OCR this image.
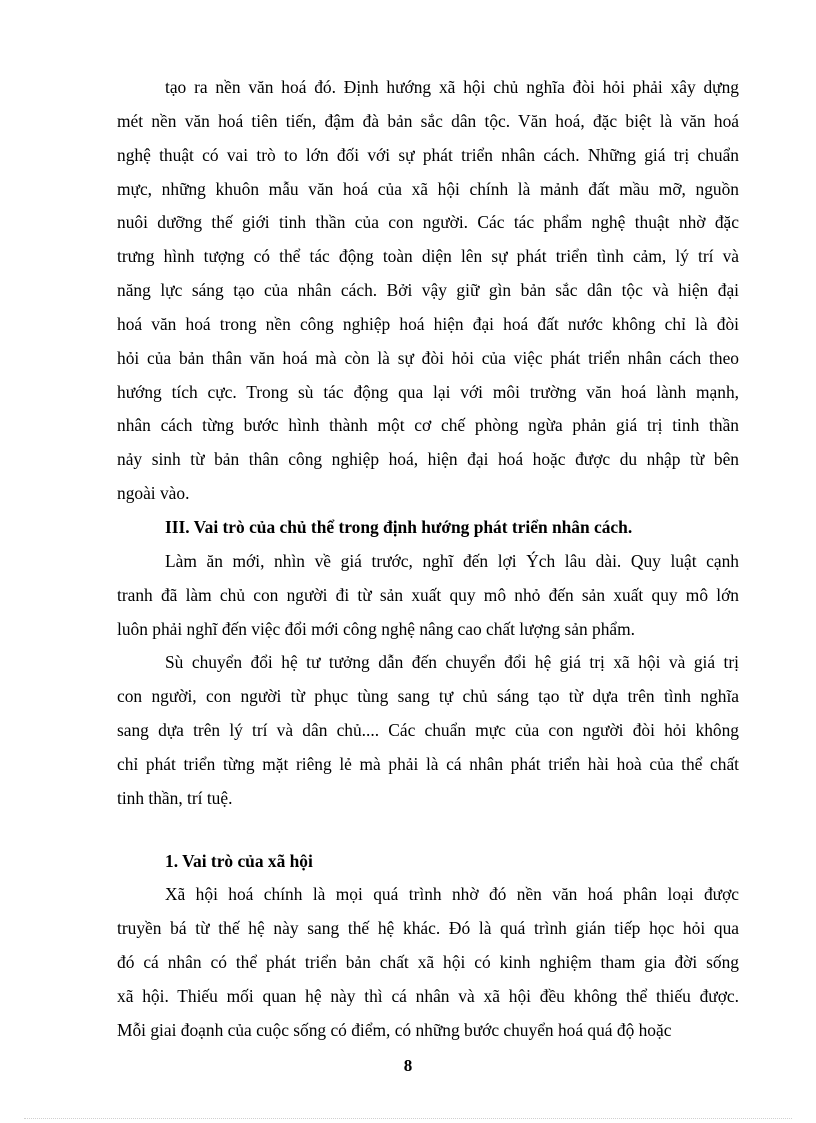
tạo ra nền văn hoá đó. Định hướng xã hội chủ nghĩa đòi hỏi phải xây dựng
mét nền văn hoá tiên tiến, đậm đà bản sắc dân tộc. Văn hoá, đặc biệt là văn hoá
nghệ thuật có vai trò to lớn đối với sự phát triển nhân cách. Những giá trị chuẩn
mực, những khuôn mẫu văn hoá của xã hội chính là mảnh đất mầu mỡ, nguồn
nuôi dưỡng thế giới tinh thần của con người. Các tác phẩm nghệ thuật nhờ đặc
trưng hình tượng có thể tác động toàn diện lên sự phát triển tình cảm, lý trí và
năng lực sáng tạo của nhân cách. Bởi vậy giữ gìn bản sắc dân tộc và hiện đại
hoá văn hoá trong nền công nghiệp hoá hiện đại hoá đất nước không chỉ là đòi
hỏi của bản thân văn hoá mà còn là sự đòi hỏi của việc phát triển nhân cách theo
hướng tích cực. Trong sù tác động qua lại với môi trường văn hoá lành mạnh,
nhân cách từng bước hình thành một cơ chế phòng ngừa phản giá trị tinh thần
nảy sinh từ bản thân công nghiệp hoá, hiện đại hoá hoặc được du nhập từ bên
ngoài vào.
III. Vai trò của chủ thể trong định hướng phát triển nhân cách.
Làm ăn mới, nhìn về giá trước, nghĩ đến lợi Ých lâu dài. Quy luật cạnh
tranh đã làm chủ con người đi từ sản xuất quy mô nhỏ đến sản xuất quy mô lớn
luôn phải nghĩ đến việc đổi mới công nghệ nâng cao chất lượng sản phẩm.
Sù chuyển đổi hệ tư tưởng dẫn đến chuyển đổi hệ giá trị xã hội và giá trị
con người, con người từ phục tùng sang tự chủ sáng tạo từ dựa trên tình nghĩa
sang dựa trên lý trí và dân chủ.... Các chuẩn mực của con người đòi hỏi không
chỉ phát triển từng mặt riêng lẻ mà phải là cá nhân phát triển hài hoà của thể chất
tinh thần, trí tuệ.
1. Vai trò của xã hội
Xã hội hoá chính là mọi quá trình nhờ đó nền văn hoá phân loại được
truyền bá từ thế hệ này sang thế hệ khác. Đó là quá trình gián tiếp học hỏi qua
đó cá nhân có thể phát triển bản chất xã hội có kinh nghiệm tham gia đời sống
xã hội. Thiếu mối quan hệ này thì cá nhân và xã hội đều không thể thiếu được.
Mỗi giai đoạnh của cuộc sống có điểm, có những bước chuyển hoá quá độ hoặc
8
